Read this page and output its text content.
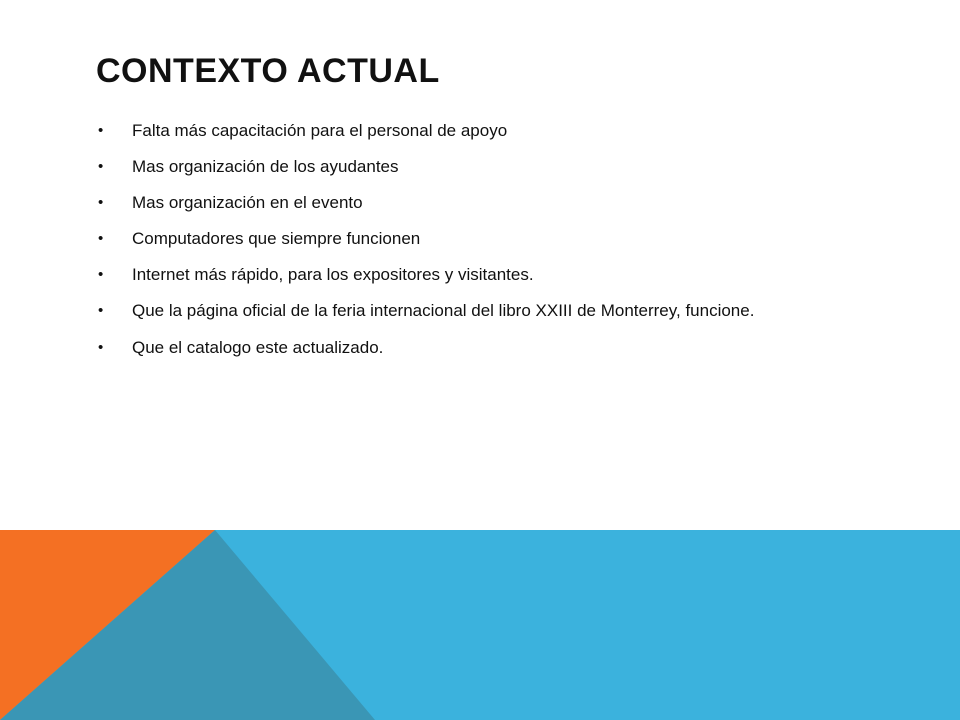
CONTEXTO ACTUAL
•	Falta más capacitación para el personal de apoyo
•	Mas organización de los ayudantes
•	Mas organización en el evento
•	Computadores que siempre funcionen
•	Internet más rápido, para los expositores y visitantes.
•	Que la página oficial de la feria internacional del libro XXIII de Monterrey, funcione.
•	Que el catalogo este actualizado.
